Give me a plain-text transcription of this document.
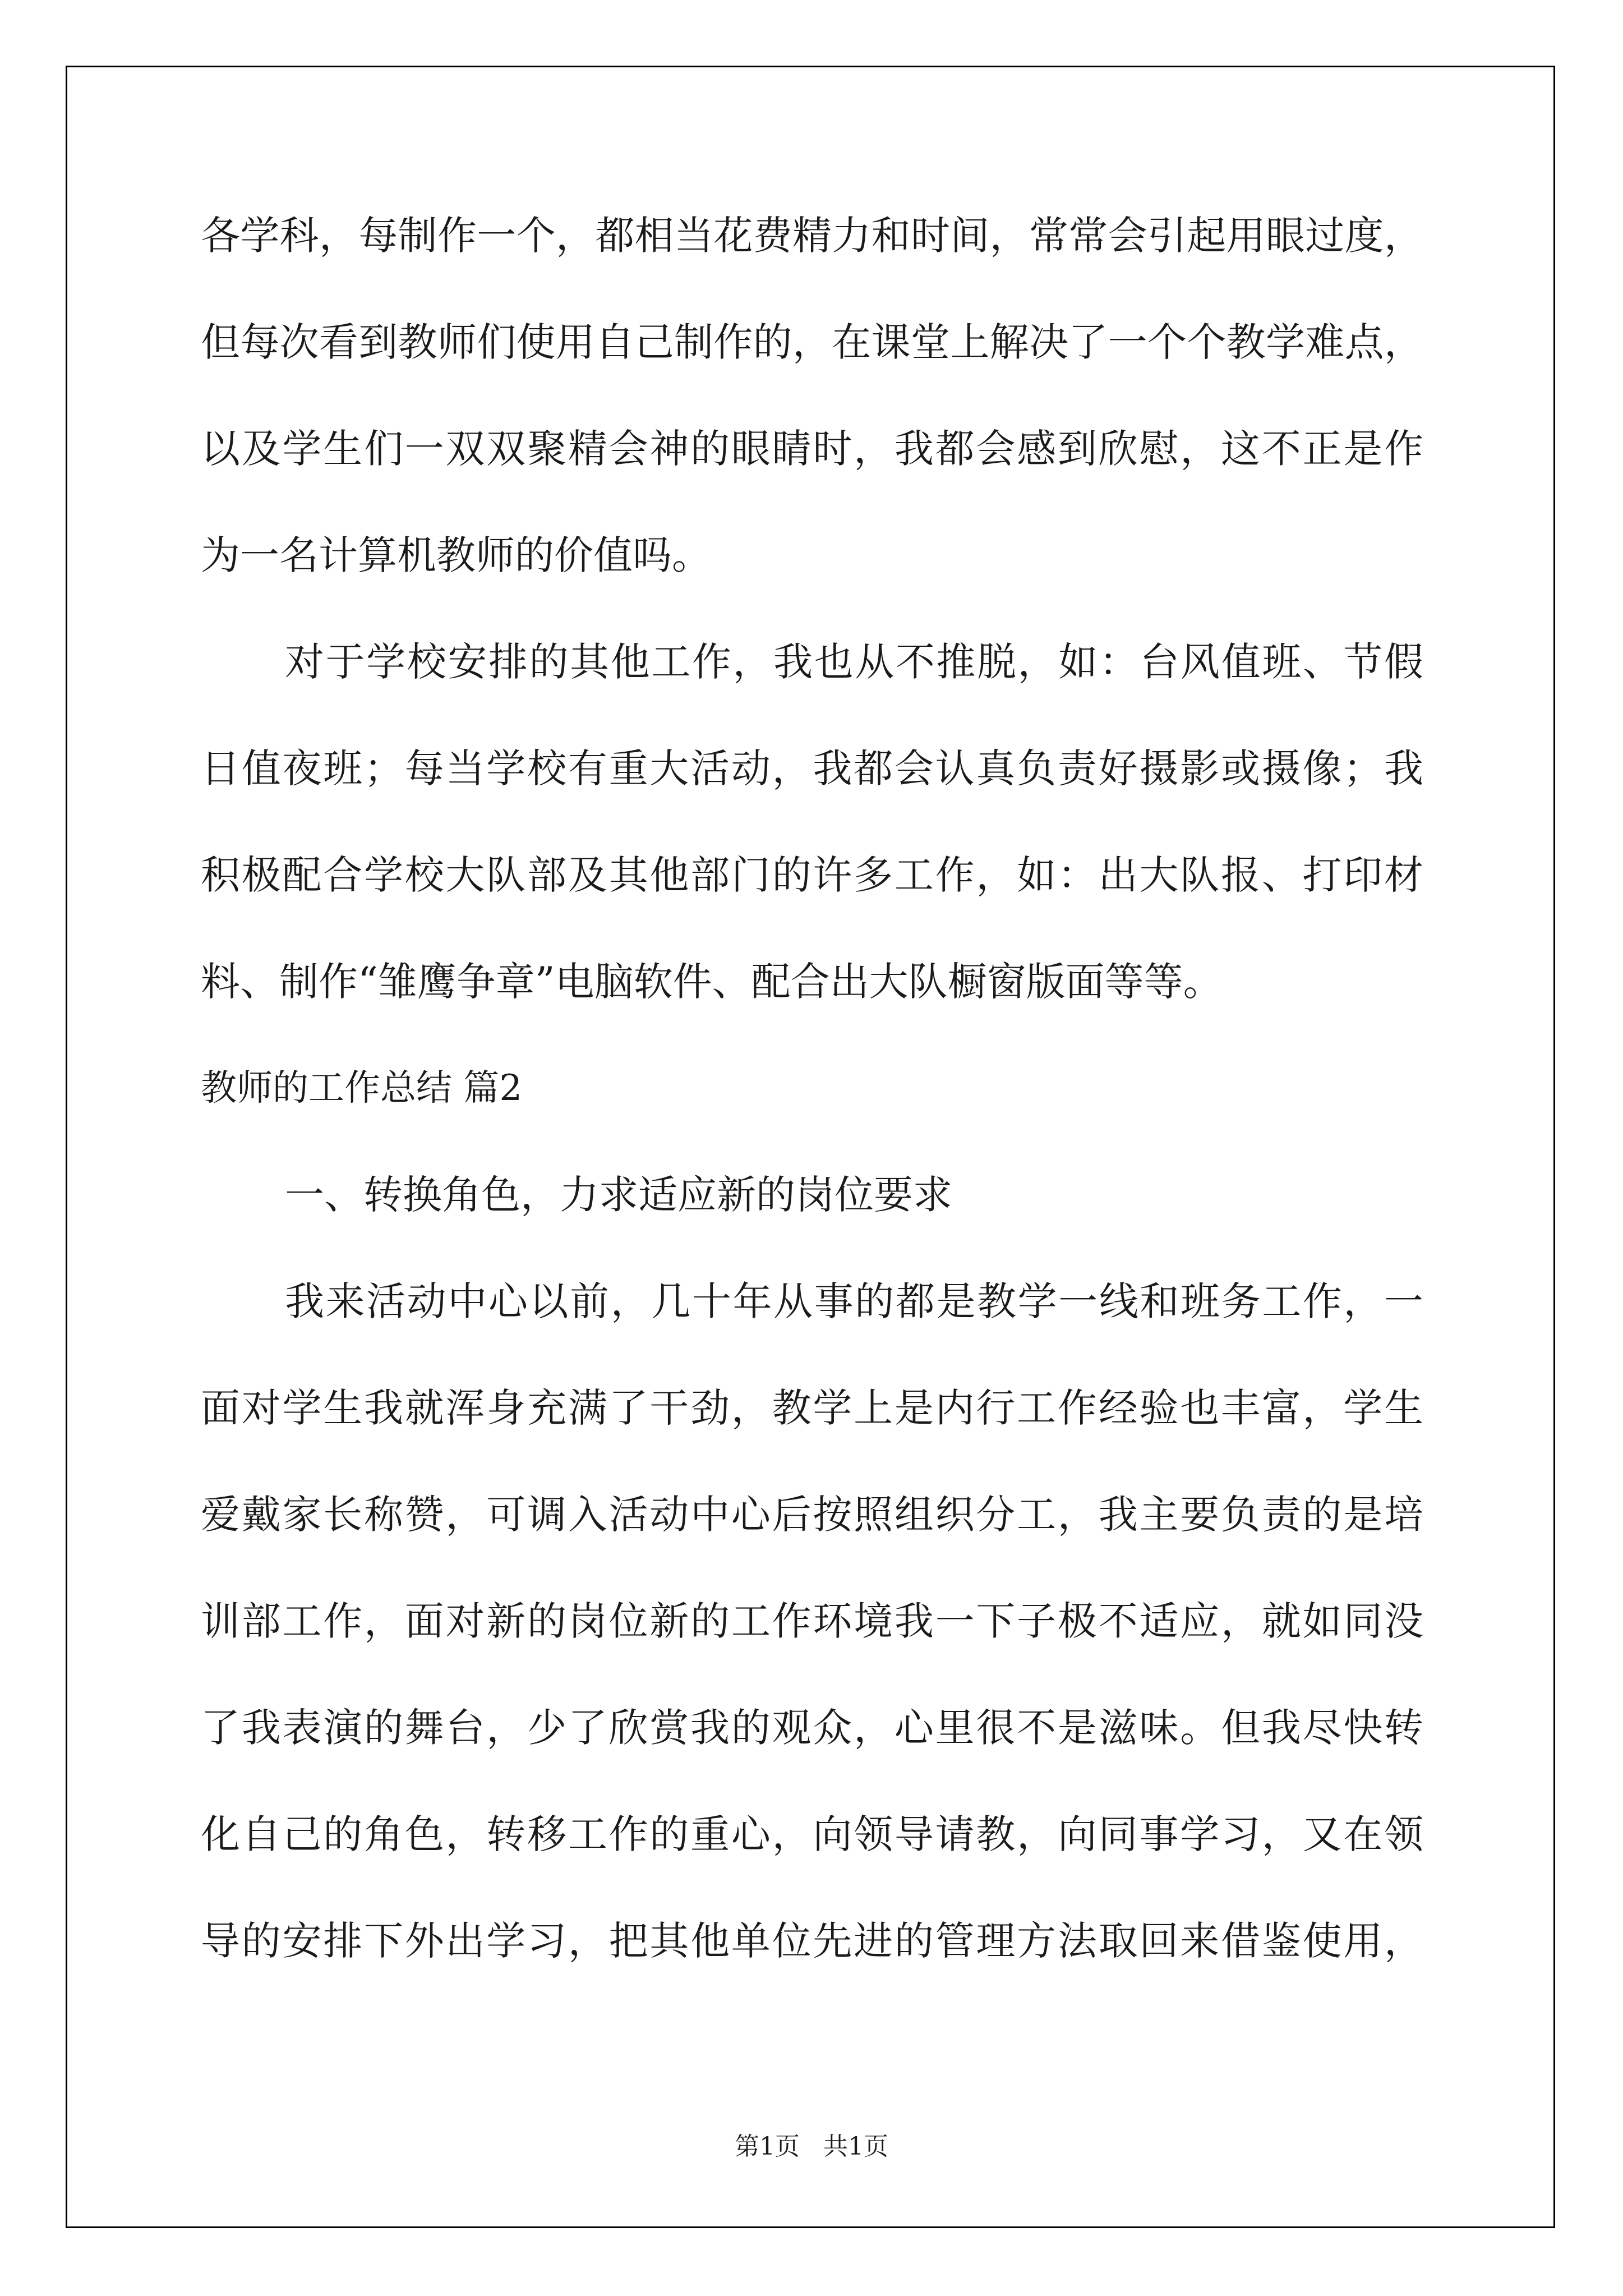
各学科，每制作一个，都相当花费精力和时间，常常会引起用眼过度，
但每次看到教师们使用自己制作的，在课堂上解决了一个个教学难点，
以及学生们一双双聚精会神的眼睛时，我都会感到欣慰，这不正是作
为一名计算机教师的价值吗。
对于学校安排的其他工作，我也从不推脱，如：台风值班、节假
日值夜班；每当学校有重大活动，我都会认真负责好摄影或摄像；我
积极配合学校大队部及其他部门的许多工作，如：出大队报、打印材
料、制作“雏鹰争章”电脑软件、配合出大队橱窗版面等等。
教师的工作总结 篇2
一、转换角色，力求适应新的岗位要求
我来活动中心以前，几十年从事的都是教学一线和班务工作，一
面对学生我就浑身充满了干劲，教学上是内行工作经验也丰富，学生
爱戴家长称赞，可调入活动中心后按照组织分工，我主要负责的是培
训部工作，面对新的岗位新的工作环境我一下子极不适应，就如同没
了我表演的舞台，少了欣赏我的观众，心里很不是滋味。但我尽快转
化自己的角色，转移工作的重心，向领导请教，向同事学习，又在领
导的安排下外出学习，把其他单位先进的管理方法取回来借鉴使用，
第1页 共1页
